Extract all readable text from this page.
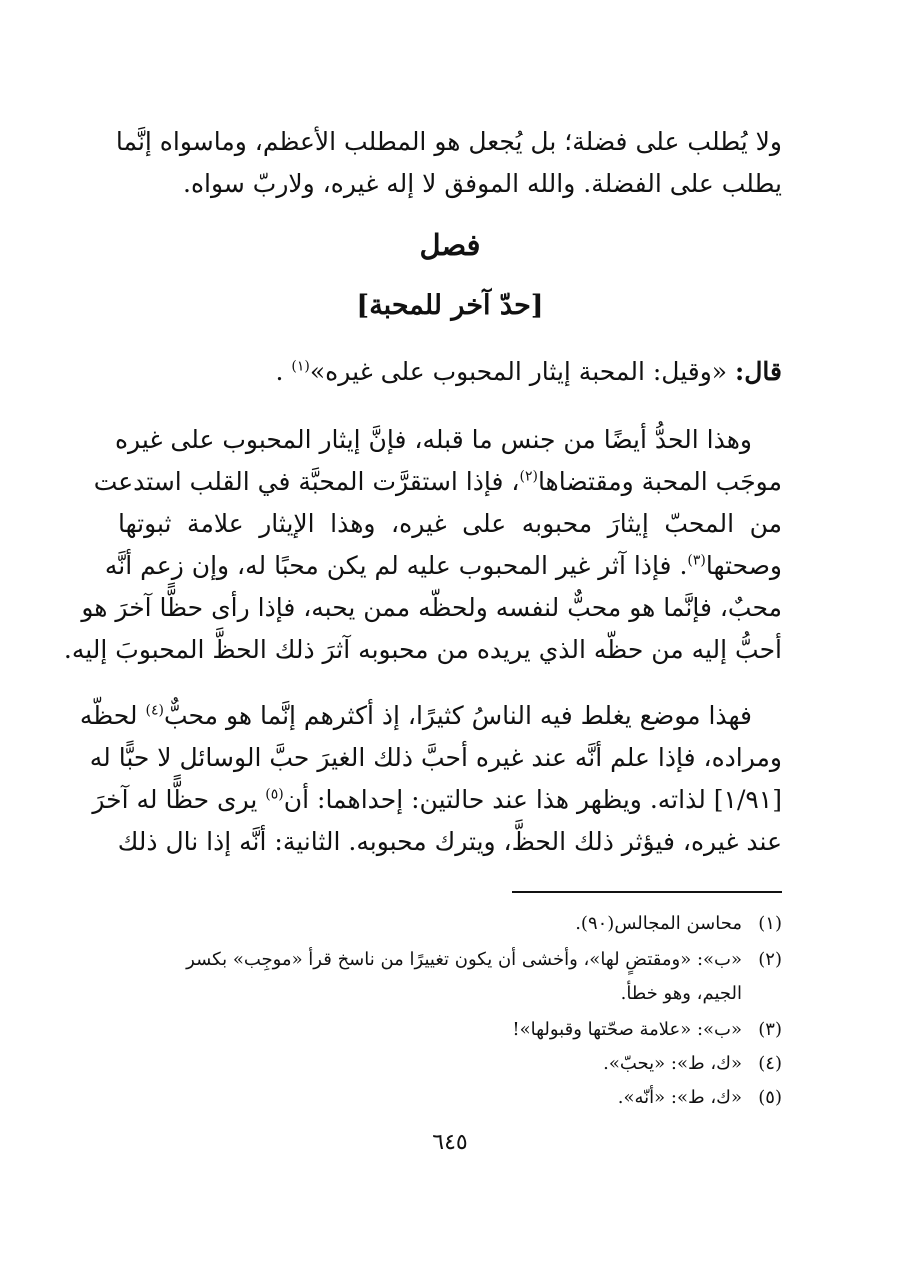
ولا يُطلب على فضلة؛ بل يُجعل هو المطلب الأعظم، وماسواه إنَّما
يطلب على الفضلة. والله الموفق لا إله غيره، ولاربّ سواه.
فصل
[حدّ آخر للمحبة]
قال: «وقيل: المحبة إيثار المحبوب على غيره»$^{(١)}$ .
وهذا الحدُّ أيضًا من جنس ما قبله، فإنَّ إيثار المحبوب على غيره
موجَب المحبة ومقتضاها$^{(٢)}$، فإذا استقرَّت المحبَّة في القلب استدعت
من المحبّ إيثارَ محبوبه على غيره، وهذا الإيثار علامة ثبوتها
وصحتها$^{(٣)}$. فإذا آثر غير المحبوب عليه لم يكن محبًا له، وإن زعم أنَّه
محبٌ، فإنَّما هو محبٌّ لنفسه ولحظّه ممن يحبه، فإذا رأى حظًّا آخرَ هو
أحبُّ إليه من حظّه الذي يريده من محبوبه آثرَ ذلك الحظَّ المحبوبَ إليه.
فهذا موضع يغلط فيه الناسُ كثيرًا، إذ أكثرهم إنَّما هو محبٌّ$^{(٤)}$ لحظّه
ومراده، فإذا علم أنَّه عند غيره أحبَّ ذلك الغيرَ حبَّ الوسائل لا حبًّا له
[١/٩١] لذاته. ويظهر هذا عند حالتين: إحداهما: أن$^{(٥)}$ يرى حظًّا له آخرَ
عند غيره، فيؤثر ذلك الحظَّ، ويترك محبوبه. الثانية: أنَّه إذا نال ذلك
(١)محاسن المجالس(٩٠).
(٢)«ب»: «ومقتضٍ لها»، وأخشى أن يكون تغييرًا من ناسخ قرأ «موجِب» بكسر
الجيم، وهو خطأ.
(٣)«ب»: «علامة صحّتها وقبولها»!
(٤)«ك، ط»: «يحبّ».
(٥)«ك، ط»: «أنّه».
٦٤٥
